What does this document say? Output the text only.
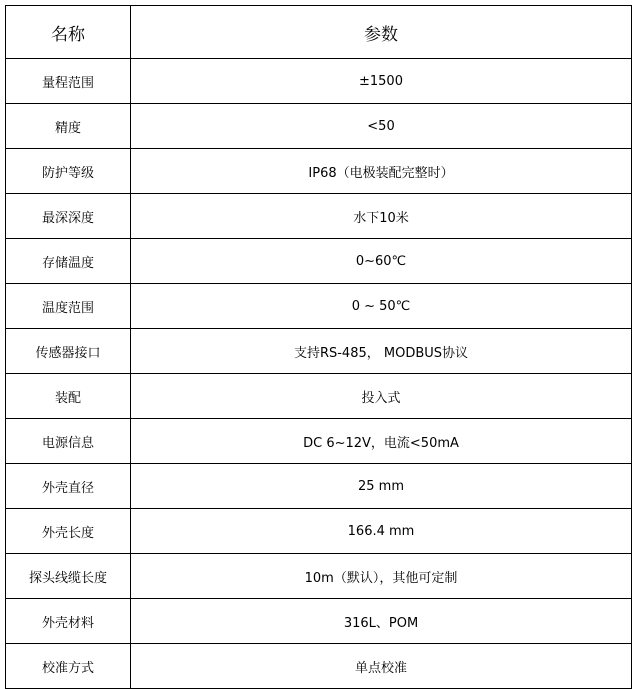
名称	参数
量程范围	±1500
精度	<50
防护等级	IP68（电极装配完整时）
最深深度	水下10米
存储温度	0~60℃
温度范围	0 ~ 50℃
传感器接口	支持RS-485， MODBUS协议
装配	投入式
电源信息	DC 6~12V，电流<50mA
外壳直径	25 mm
外壳长度	166.4 mm
探头线缆长度	10m（默认），其他可定制
外壳材料	316L、POM
校准方式	单点校准
